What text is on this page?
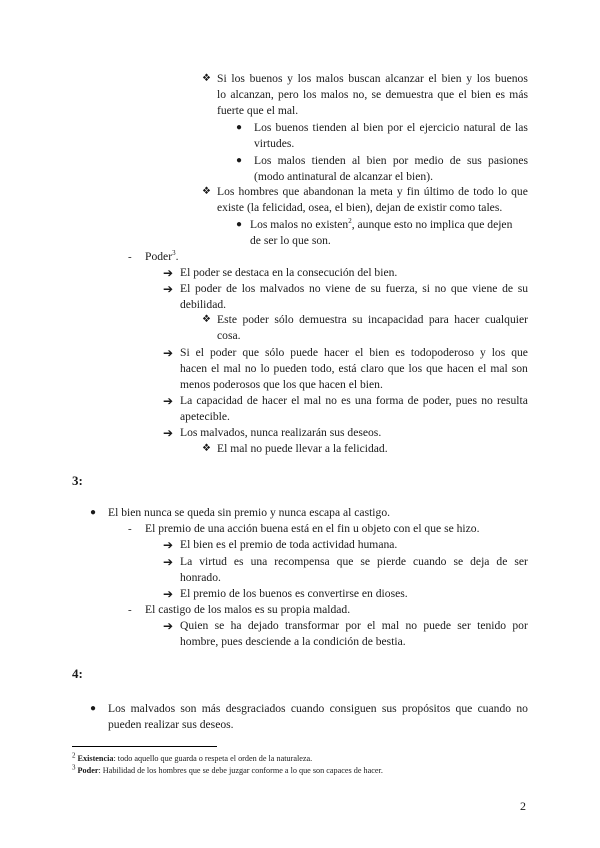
❖ Si los buenos y los malos buscan alcanzar el bien y los buenos
lo alcanzan, pero los malos no, se demuestra que el bien es más
fuerte que el mal.
● Los buenos tienden al bien por el ejercicio natural de las
virtudes.
● Los malos tienden al bien por medio de sus pasiones
(modo antinatural de alcanzar el bien).
❖ Los hombres que abandonan la meta y fin último de todo lo que
existe (la felicidad, osea, el bien), dejan de existir como tales.
● Los malos no existen$^2$, aunque esto no implica que dejen
de ser lo que son.
- Poder$^3$.
➔ El poder se destaca en la consecución del bien.
➔ El poder de los malvados no viene de su fuerza, si no que viene de su
debilidad.
❖ Este poder sólo demuestra su incapacidad para hacer cualquier
cosa.
➔ Si el poder que sólo puede hacer el bien es todopoderoso y los que
hacen el mal no lo pueden todo, está claro que los que hacen el mal son
menos poderosos que los que hacen el bien.
➔ La capacidad de hacer el mal no es una forma de poder, pues no resulta
apetecible.
➔ Los malvados, nunca realizarán sus deseos.
❖ El mal no puede llevar a la felicidad.
3:
● El bien nunca se queda sin premio y nunca escapa al castigo.
- El premio de una acción buena está en el fin u objeto con el que se hizo.
➔ El bien es el premio de toda actividad humana.
➔ La virtud es una recompensa que se pierde cuando se deja de ser
honrado.
➔ El premio de los buenos es convertirse en dioses.
- El castigo de los malos es su propia maldad.
➔ Quien se ha dejado transformar por el mal no puede ser tenido por
hombre, pues desciende a la condición de bestia.
4:
● Los malvados son más desgraciados cuando consiguen sus propósitos que cuando no
pueden realizar sus deseos.
$^2$ Existencia: todo aquello que guarda o respeta el orden de la naturaleza.
$^3$ Poder: Habilidad de los hombres que se debe juzgar conforme a lo que son capaces de hacer.
2
